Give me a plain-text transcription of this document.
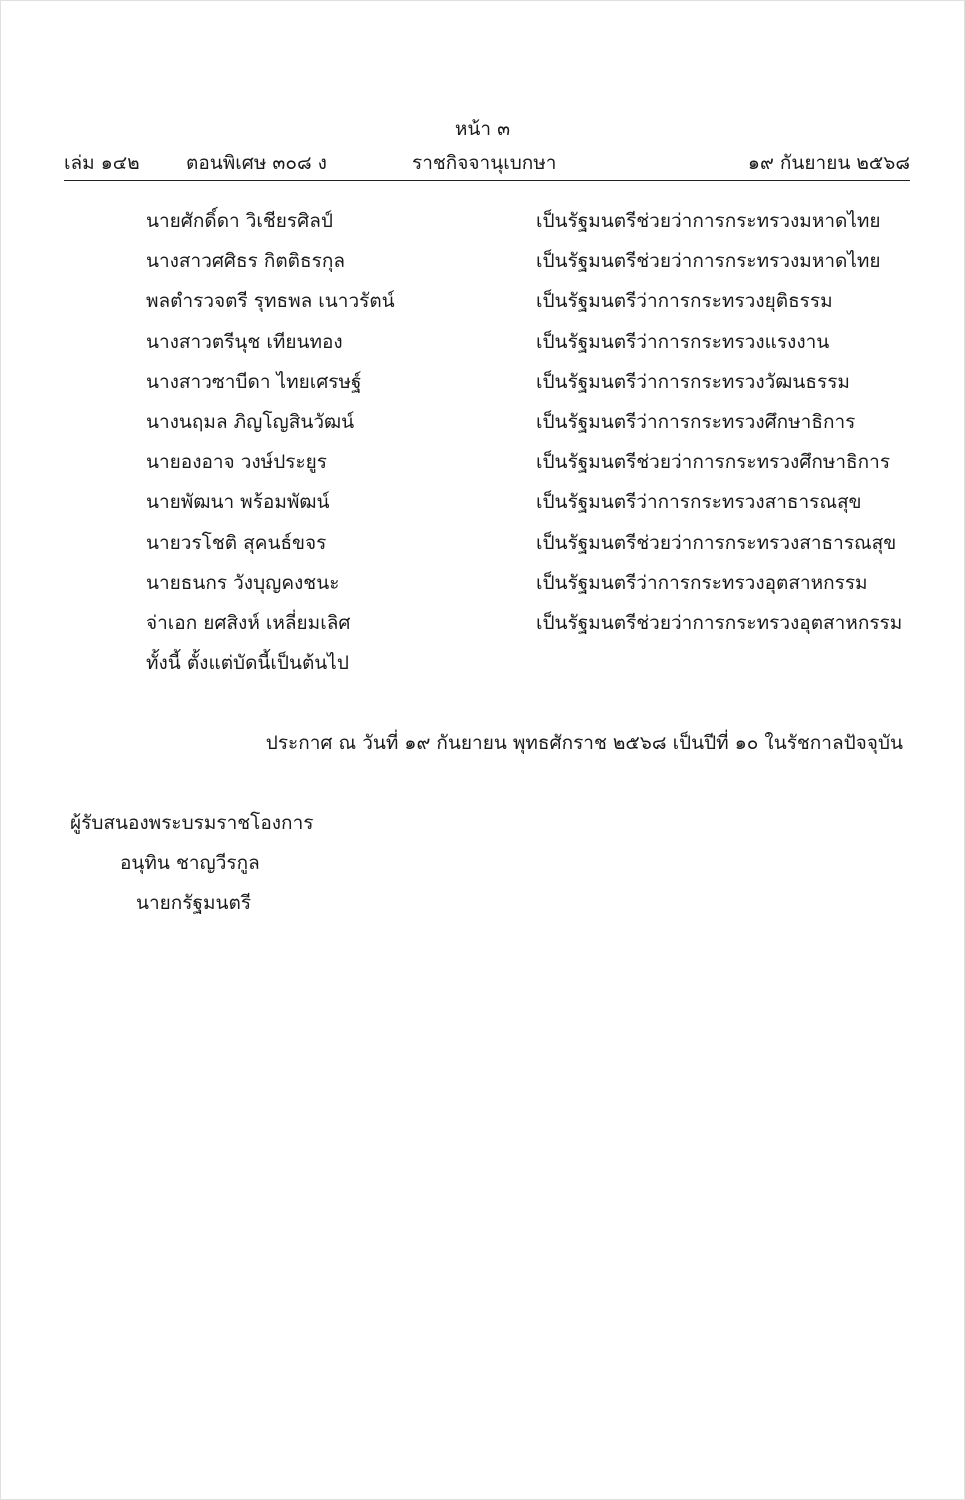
หน้า ๓
เล่ม ๑๔๒ ตอนพิเศษ ๓๐๘ ง	ราชกิจจานุเบกษา	๑๙ กันยายน ๒๕๖๘
นายศักดิ์ดา วิเชียรศิลป์	เป็นรัฐมนตรีช่วยว่าการกระทรวงมหาดไทย
นางสาวศศิธร กิตติธรกุล	เป็นรัฐมนตรีช่วยว่าการกระทรวงมหาดไทย
พลตำรวจตรี รุทธพล เนาวรัตน์	เป็นรัฐมนตรีว่าการกระทรวงยุติธรรม
นางสาวตรีนุช เทียนทอง	เป็นรัฐมนตรีว่าการกระทรวงแรงงาน
นางสาวซาบีดา ไทยเศรษฐ์	เป็นรัฐมนตรีว่าการกระทรวงวัฒนธรรม
นางนฤมล ภิญโญสินวัฒน์	เป็นรัฐมนตรีว่าการกระทรวงศึกษาธิการ
นายองอาจ วงษ์ประยูร	เป็นรัฐมนตรีช่วยว่าการกระทรวงศึกษาธิการ
นายพัฒนา พร้อมพัฒน์	เป็นรัฐมนตรีว่าการกระทรวงสาธารณสุข
นายวรโชติ สุคนธ์ขจร	เป็นรัฐมนตรีช่วยว่าการกระทรวงสาธารณสุข
นายธนกร วังบุญคงชนะ	เป็นรัฐมนตรีว่าการกระทรวงอุตสาหกรรม
จ่าเอก ยศสิงห์ เหลี่ยมเลิศ	เป็นรัฐมนตรีช่วยว่าการกระทรวงอุตสาหกรรม
ทั้งนี้ ตั้งแต่บัดนี้เป็นต้นไป
ประกาศ ณ วันที่ ๑๙ กันยายน พุทธศักราช ๒๕๖๘ เป็นปีที่ ๑๐ ในรัชกาลปัจจุบัน
ผู้รับสนองพระบรมราชโองการ
อนุทิน ชาญวีรกูล
นายกรัฐมนตรี
